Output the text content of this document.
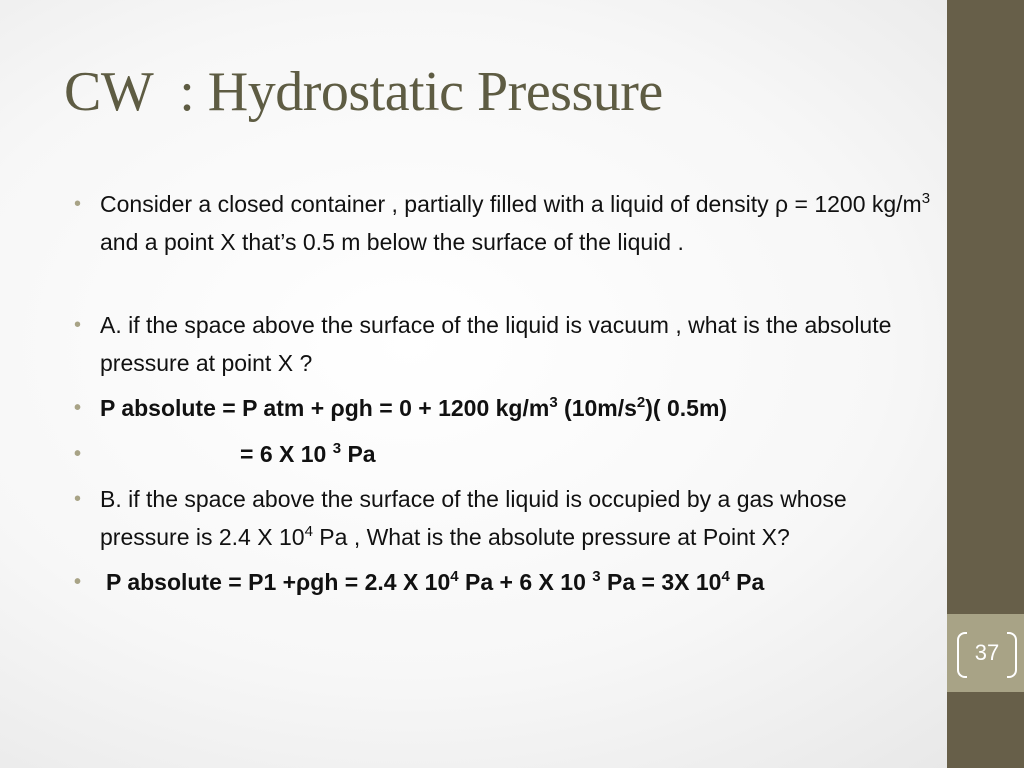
37
CW  : Hydrostatic Pressure
• Consider a closed container , partially filled with a liquid of density ρ = 1200 $kg/m^3$ and a point X that’s 0.5 m below the surface of the liquid .
• A. if the space above the surface of the liquid is vacuum , what is the absolute pressure at point X ?
• P absolute = P atm + ρgh = 0 + 1200 $kg/m^3$ $(10m/s^2)$( 0.5m)
• = 6 X 10 $^3$ Pa
• B. if the space above the surface of the liquid is occupied by a gas whose pressure is 2.4 X $10^4$ Pa , What is the absolute pressure at Point X?
• P absolute = P1 +ρgh = 2.4 X $10^4$ Pa + 6 X 10 $^3$ Pa = 3X $10^4$ Pa
